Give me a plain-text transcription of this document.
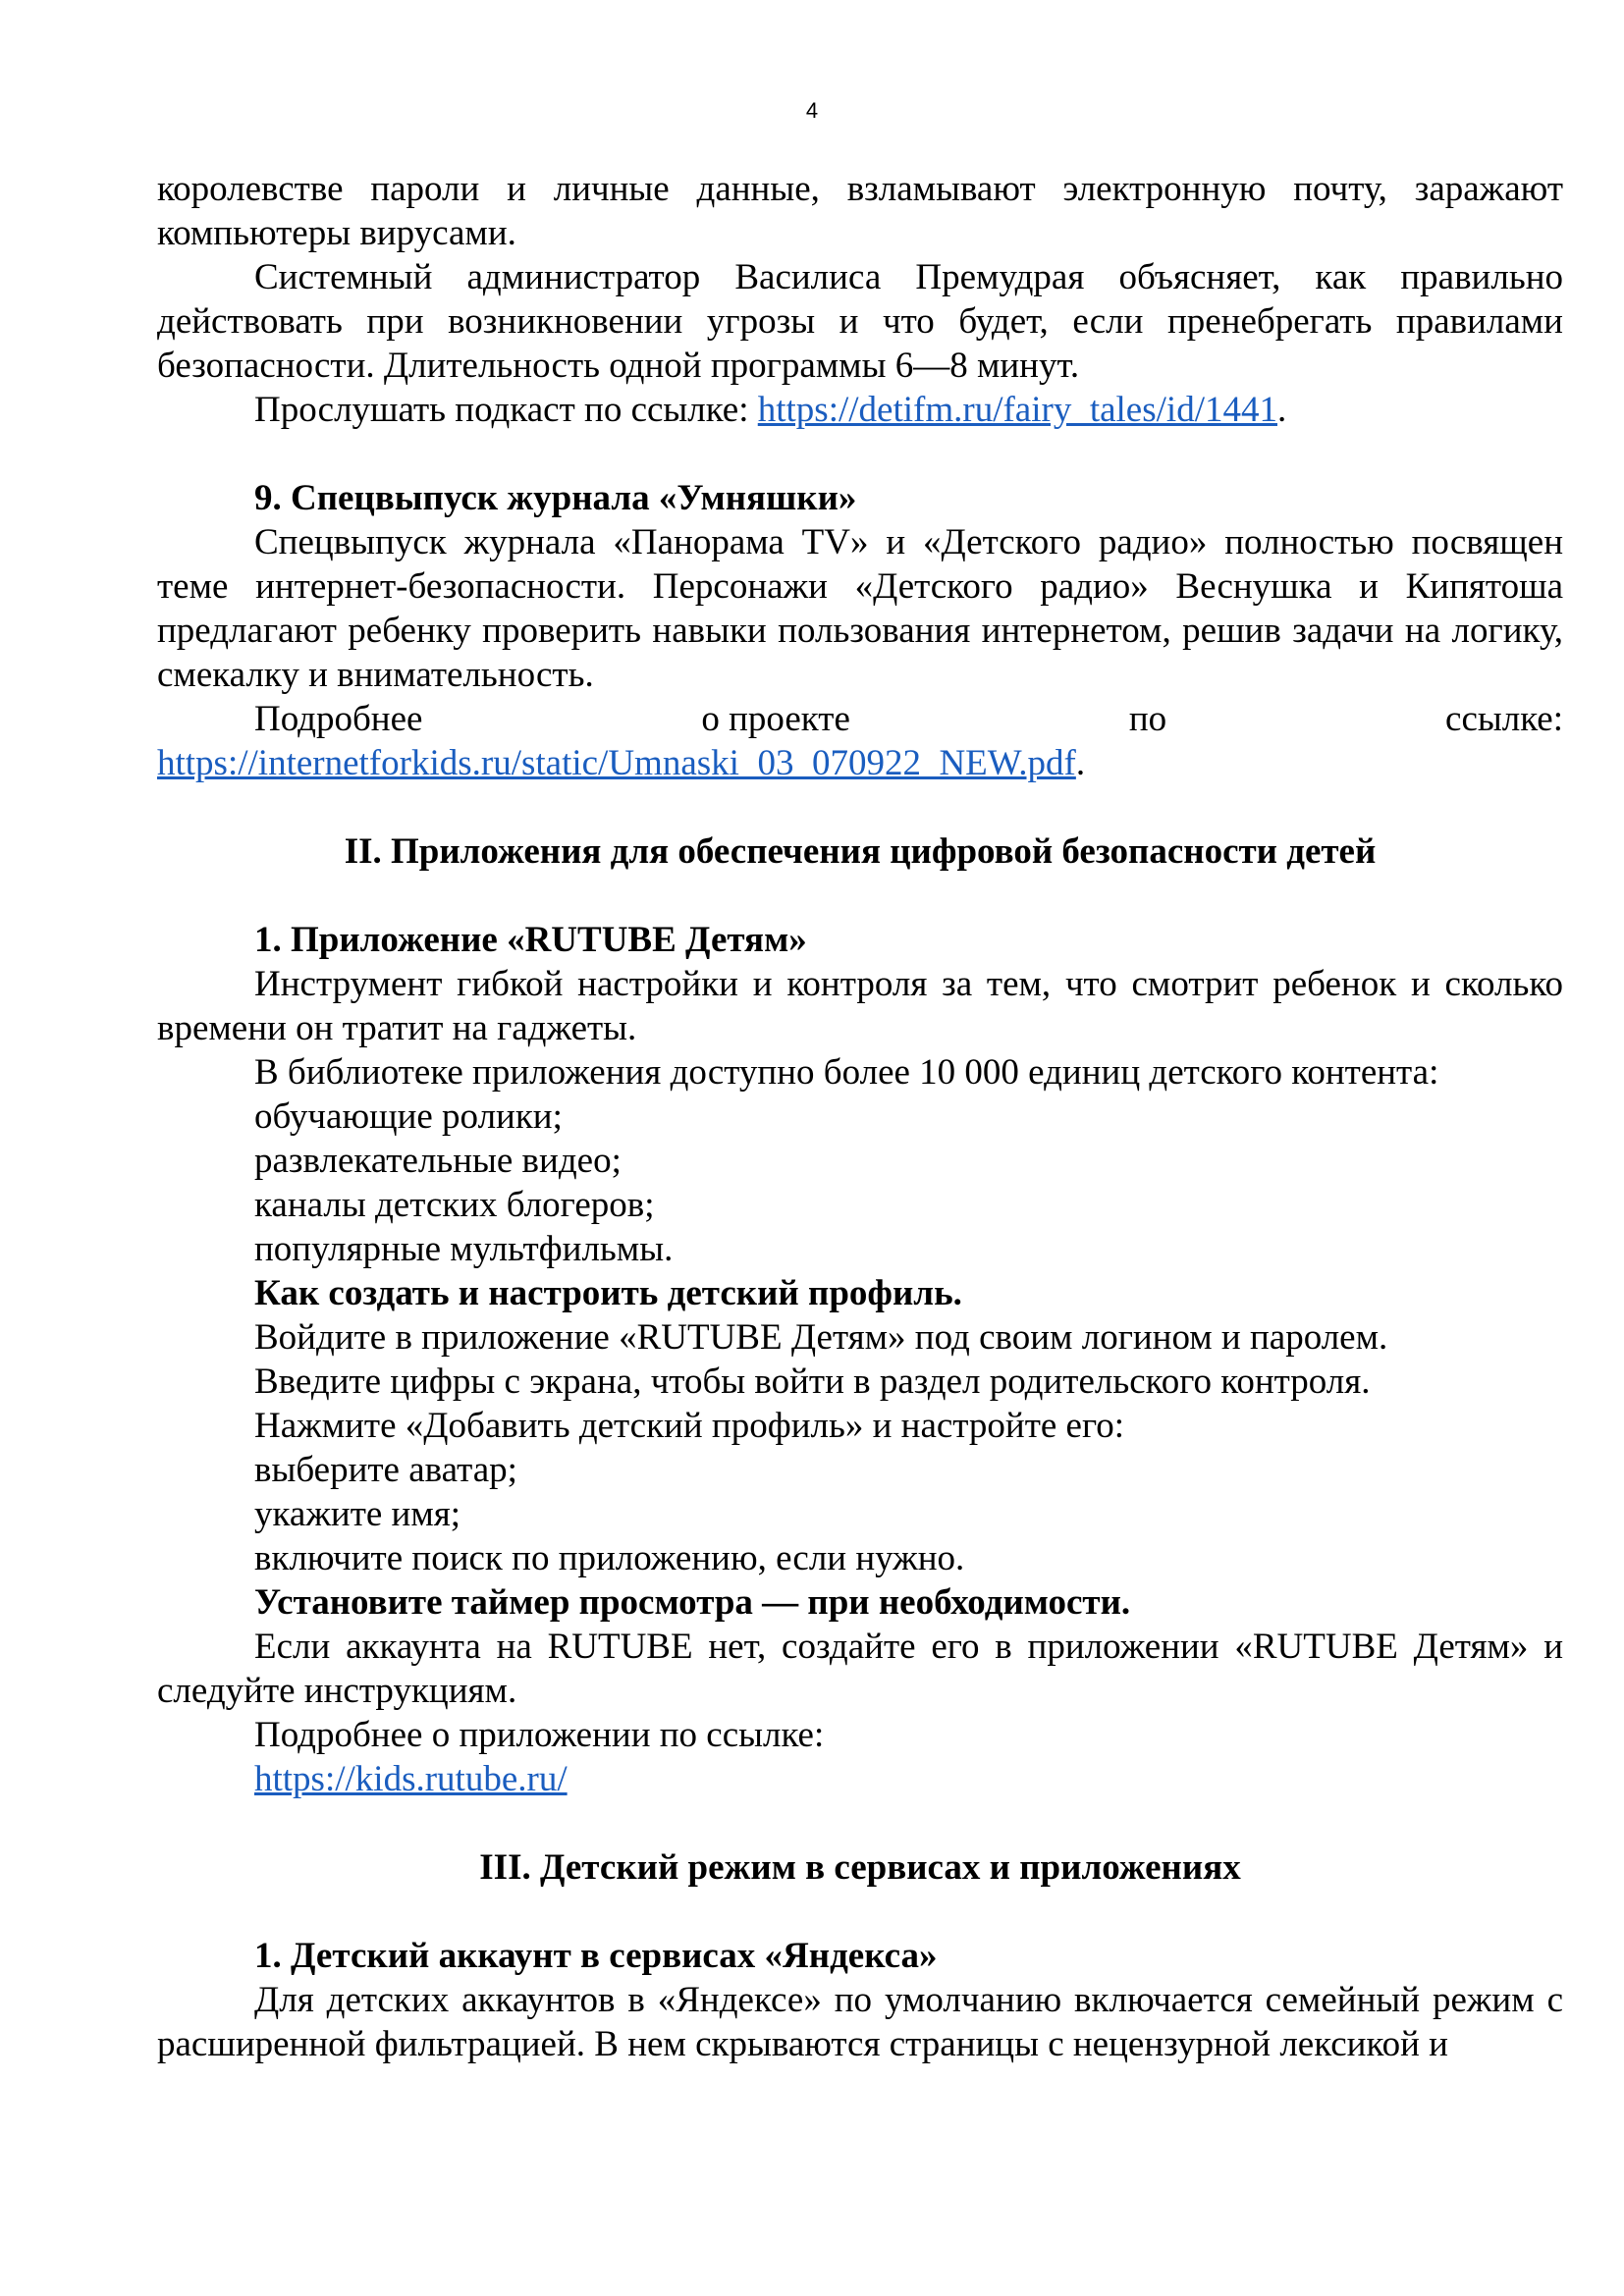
4

королевстве пароли и личные данные, взламывают электронную почту, заражают компьютеры вирусами.

Системный администратор Василиса Премудрая объясняет, как правильно действовать при возникновении угрозы и что будет, если пренебрегать правилами безопасности. Длительность одной программы 6—8 минут.

Прослушать подкаст по ссылке: https://detifm.ru/fairy_tales/id/1441.

9. Спецвыпуск журнала «Умняшки»

Спецвыпуск журнала «Панорама TV» и «Детского радио» полностью посвящен теме интернет-безопасности. Персонажи «Детского радио» Веснушка и Кипятоша предлагают ребенку проверить навыки пользования интернетом, решив задачи на логику, смекалку и внимательность.

Подробнее	о проекте	по	ссылке:

https://internetforkids.ru/static/Umnaski_03_070922_NEW.pdf.

II. Приложения для обеспечения цифровой безопасности детей

1. Приложение «RUTUBE Детям»

Инструмент гибкой настройки и контроля за тем, что смотрит ребенок и сколько времени он тратит на гаджеты.

В библиотеке приложения доступно более 10 000 единиц детского контента:

обучающие ролики;

развлекательные видео;

каналы детских блогеров;

популярные мультфильмы.

Как создать и настроить детский профиль.

Войдите в приложение «RUTUBE Детям» под своим логином и паролем.

Введите цифры с экрана, чтобы войти в раздел родительского контроля.

Нажмите «Добавить детский профиль» и настройте его:

выберите аватар;

укажите имя;

включите поиск по приложению, если нужно.

Установите таймер просмотра — при необходимости.

Если аккаунта на RUTUBE нет, создайте его в приложении «RUTUBE Детям» и следуйте инструкциям.

Подробнее о приложении по ссылке:

https://kids.rutube.ru/

III. Детский режим в сервисах и приложениях

1. Детский аккаунт в сервисах «Яндекса»

Для детских аккаунтов в «Яндексе» по умолчанию включается семейный режим с расширенной фильтрацией. В нем скрываются страницы с нецензурной лексикой и
